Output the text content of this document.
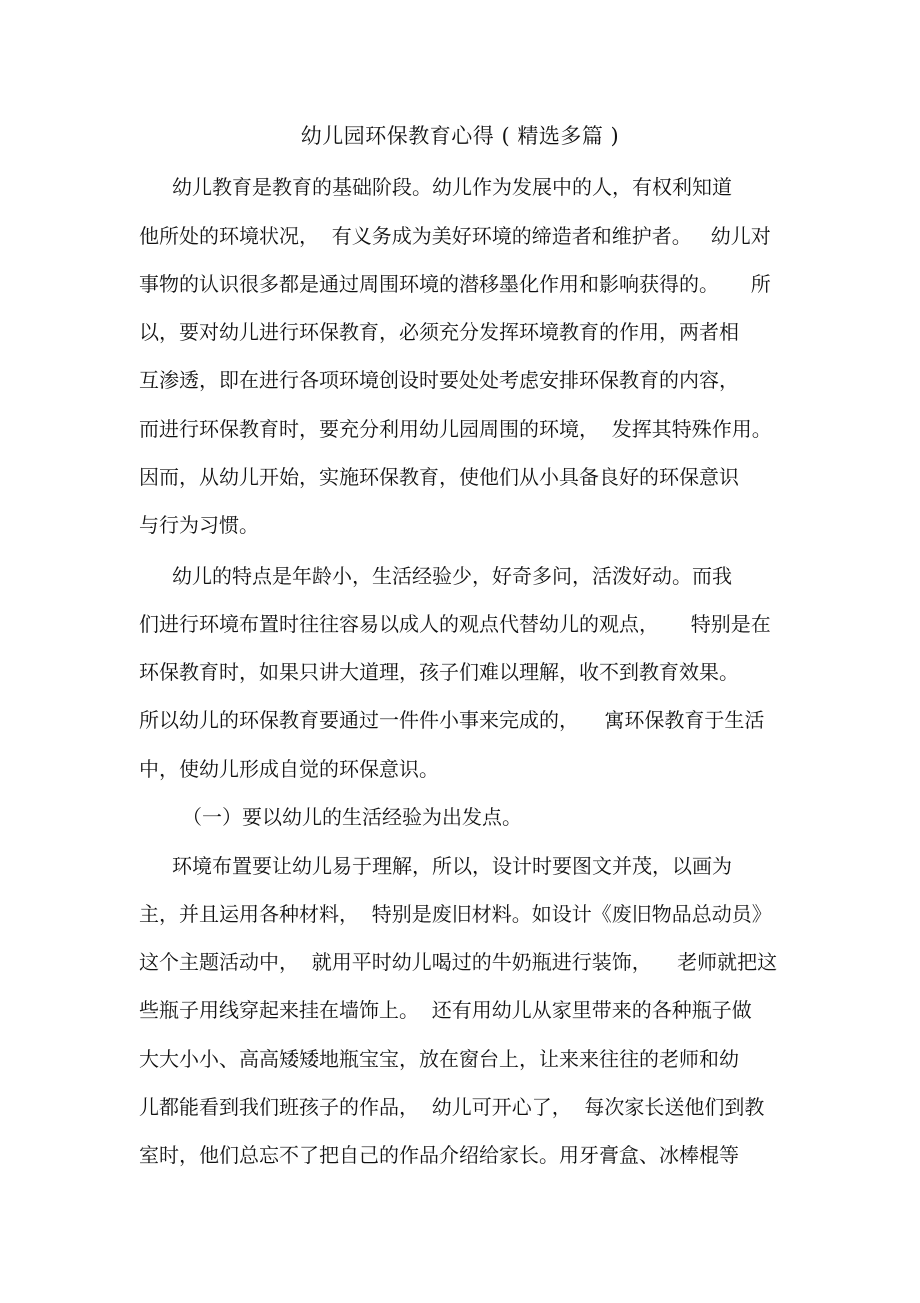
幼儿园环保教育心得 ( 精选多篇 )
幼儿教育是教育的基础阶段。幼儿作为发展中的人，有权利知道
他所处的环境状况，  有义务成为美好环境的缔造者和维护者。   幼儿对
事物的认识很多都是通过周围环境的潜移墨化作用和影响获得的。     所
以，要对幼儿进行环保教育，必须充分发挥环境教育的作用，两者相
互渗透，即在进行各项环境创设时要处处考虑安排环保教育的内容，
而进行环保教育时，要充分利用幼儿园周围的环境，  发挥其特殊作用。
因而，从幼儿开始，实施环保教育，使他们从小具备良好的环保意识
与行为习惯。
幼儿的特点是年龄小，生活经验少，好奇多问，活泼好动。而我
们进行环境布置时往往容易以成人的观点代替幼儿的观点，     特别是在
环保教育时，如果只讲大道理，孩子们难以理解，收不到教育效果。
所以幼儿的环保教育要通过一件件小事来完成的，    寓环保教育于生活
中，使幼儿形成自觉的环保意识。
（一）要以幼儿的生活经验为出发点。
环境布置要让幼儿易于理解，所以，设计时要图文并茂，以画为
主，并且运用各种材料，  特别是废旧材料。如设计《废旧物品总动员》
这个主题活动中，  就用平时幼儿喝过的牛奶瓶进行装饰，    老师就把这
些瓶子用线穿起来挂在墙饰上。  还有用幼儿从家里带来的各种瓶子做
大大小小、高高矮矮地瓶宝宝，放在窗台上，让来来往往的老师和幼
儿都能看到我们班孩子的作品，  幼儿可开心了，  每次家长送他们到教
室时，他们总忘不了把自己的作品介绍给家长。用牙膏盒、冰棒棍等
